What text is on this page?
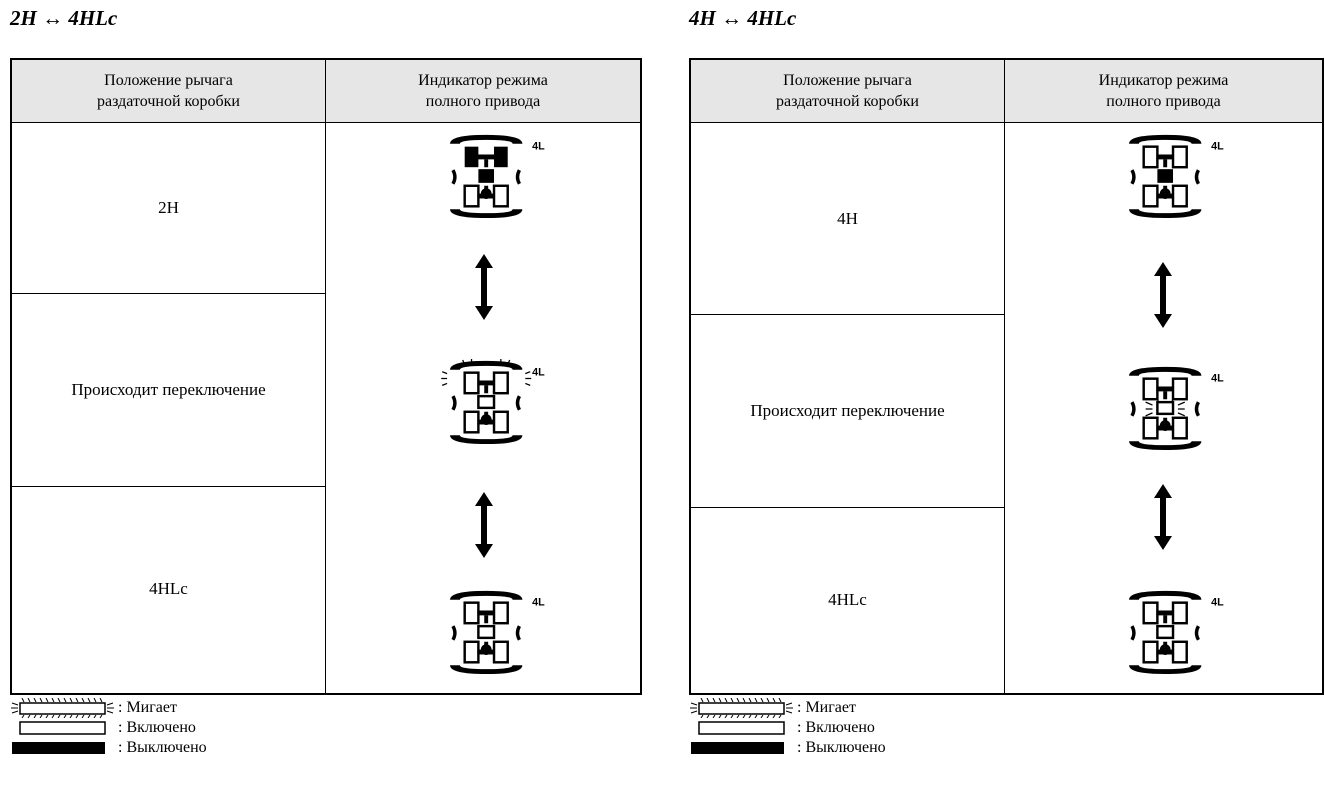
2H ↔ 4HLc
Положение рычага
раздаточной коробки
Индикатор режима
полного привода
2H
Происходит переключение
4HLc
4L
4L
4L
: Мигает
: Включено
: Выключено
4H ↔ 4HLc
Положение рычага
раздаточной коробки
Индикатор режима
полного привода
4H
Происходит переключение
4HLc
4L
4L
4L
: Мигает
: Включено
: Выключено
